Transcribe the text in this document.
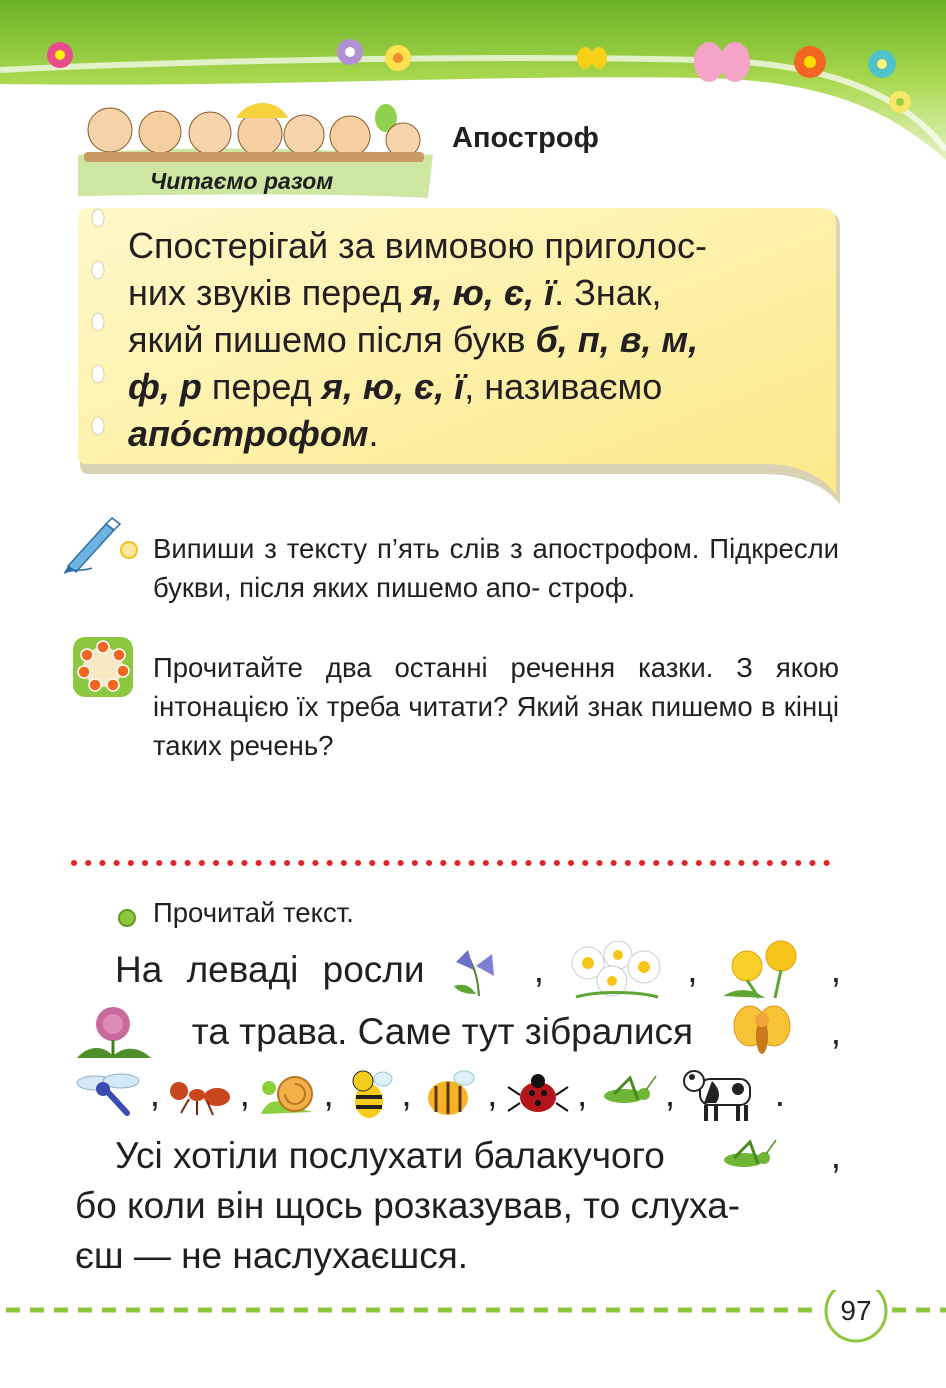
Читаємо разом
Апостроф
Спостерігай за вимовою приголос-
них звуків перед я, ю, є, ї. Знак,
який пишемо після букв б, п, в, м,
ф, р перед я, ю, є, ї, називаємо
апо́строфом.
Випиши з тексту п’ять слів з апострофом. Підкресли букви, після яких пишемо апо- строф.
Прочитайте два останні речення казки. З якою інтонацією їх треба читати? Який знак пишемо в кінці таких речень?
Прочитай текст.
На леваді росли	,	,	,
та трава. Саме тут зібралися	,
, , , , , , ,	.
Усі хотіли послухати балакучого	,
бо коли він щось розказував, то слуха-
єш — не наслухаєшся.
97
